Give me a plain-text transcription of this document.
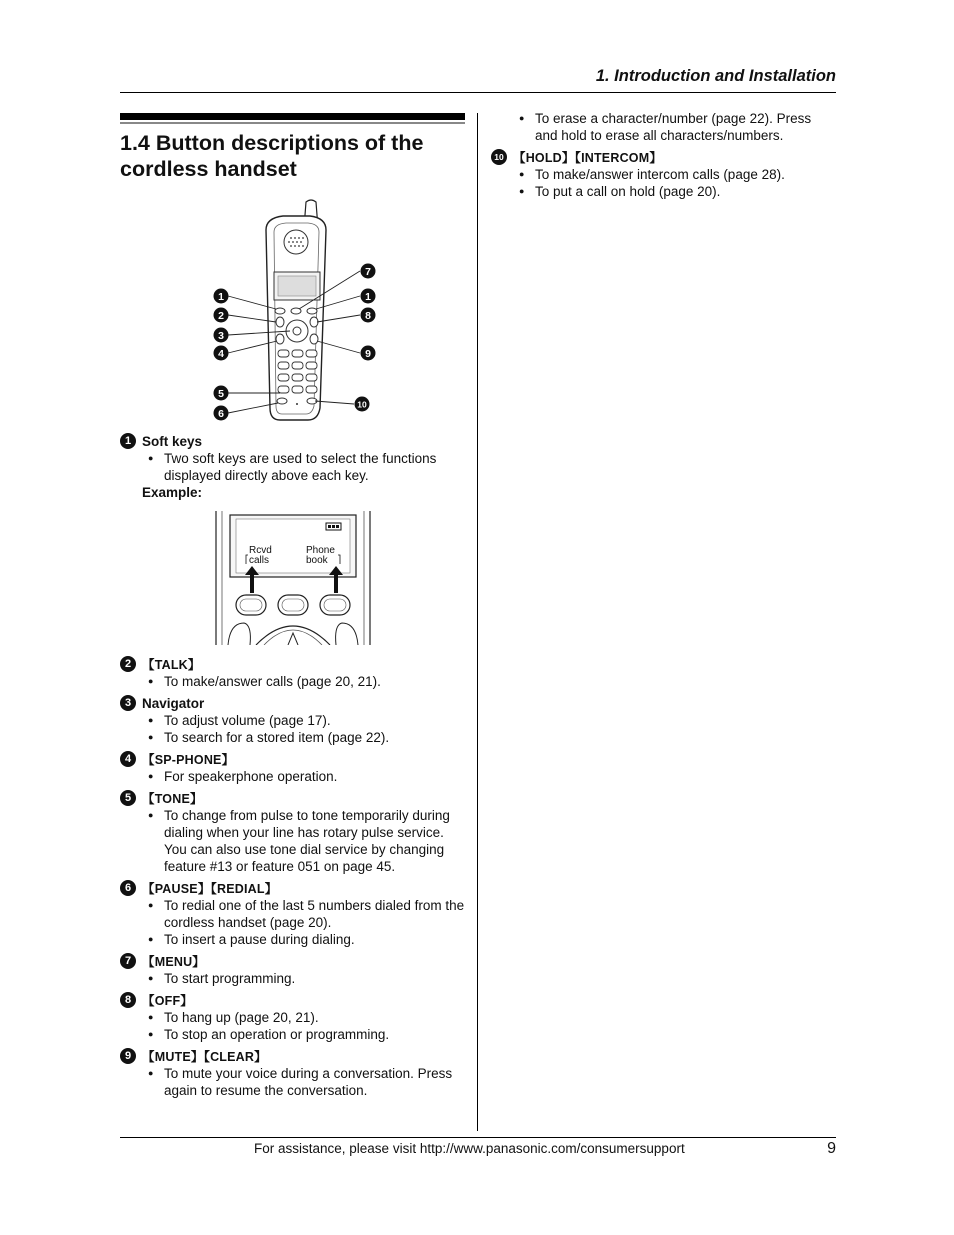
1. Introduction and Installation
1.4 Button descriptions of the cordless handset
1
2
3
4
5
6
7
1
8
9
10
1 Soft keys
● Two soft keys are used to select the functions displayed directly above each key.
Example:
Rcvd
calls
Phone
book
2 【TALK】
● To make/answer calls (page 20, 21).
3 Navigator
● To adjust volume (page 17).
● To search for a stored item (page 22).
4 【SP-PHONE】
● For speakerphone operation.
5 【TONE】
● To change from pulse to tone temporarily during dialing when your line has rotary pulse service. You can also use tone dial service by changing feature #13 or feature 051 on page 45.
6 【PAUSE】【REDIAL】
● To redial one of the last 5 numbers dialed from the cordless handset (page 20).
● To insert a pause during dialing.
7 【MENU】
● To start programming.
8 【OFF】
● To hang up (page 20, 21).
● To stop an operation or programming.
9 【MUTE】【CLEAR】
● To mute your voice during a conversation. Press again to resume the conversation.
● To erase a character/number (page 22). Press and hold to erase all characters/numbers.
10 【HOLD】【INTERCOM】
● To make/answer intercom calls (page 28).
● To put a call on hold (page 20).
For assistance, please visit http://www.panasonic.com/consumersupport	9
